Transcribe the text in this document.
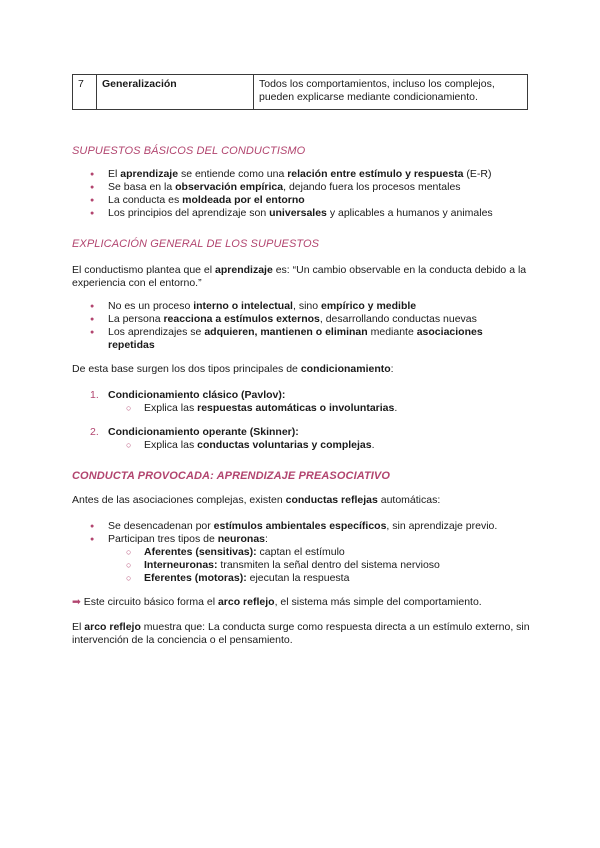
7	Generalización	Todos los comportamientos, incluso los complejos, pueden explicarse mediante condicionamiento.
SUPUESTOS BÁSICOS DEL CONDUCTISMO
● El aprendizaje se entiende como una relación entre estímulo y respuesta (E-R)
● Se basa en la observación empírica, dejando fuera los procesos mentales
● La conducta es moldeada por el entorno
● Los principios del aprendizaje son universales y aplicables a humanos y animales
EXPLICACIÓN GENERAL DE LOS SUPUESTOS
El conductismo plantea que el aprendizaje es: “Un cambio observable en la conducta debido a la experiencia con el entorno.”
● No es un proceso interno o intelectual, sino empírico y medible
● La persona reacciona a estímulos externos, desarrollando conductas nuevas
● Los aprendizajes se adquieren, mantienen o eliminan mediante asociaciones repetidas
De esta base surgen los dos tipos principales de condicionamiento:
1. Condicionamiento clásico (Pavlov):
○ Explica las respuestas automáticas o involuntarias.
2. Condicionamiento operante (Skinner):
○ Explica las conductas voluntarias y complejas.
CONDUCTA PROVOCADA: APRENDIZAJE PREASOCIATIVO
Antes de las asociaciones complejas, existen conductas reflejas automáticas:
● Se desencadenan por estímulos ambientales específicos, sin aprendizaje previo.
● Participan tres tipos de neuronas:
○ Aferentes (sensitivas): captan el estímulo
○ Interneuronas: transmiten la señal dentro del sistema nervioso
○ Eferentes (motoras): ejecutan la respuesta
➡ Este circuito básico forma el arco reflejo, el sistema más simple del comportamiento.
El arco reflejo muestra que: La conducta surge como respuesta directa a un estímulo externo, sin intervención de la conciencia o el pensamiento.
